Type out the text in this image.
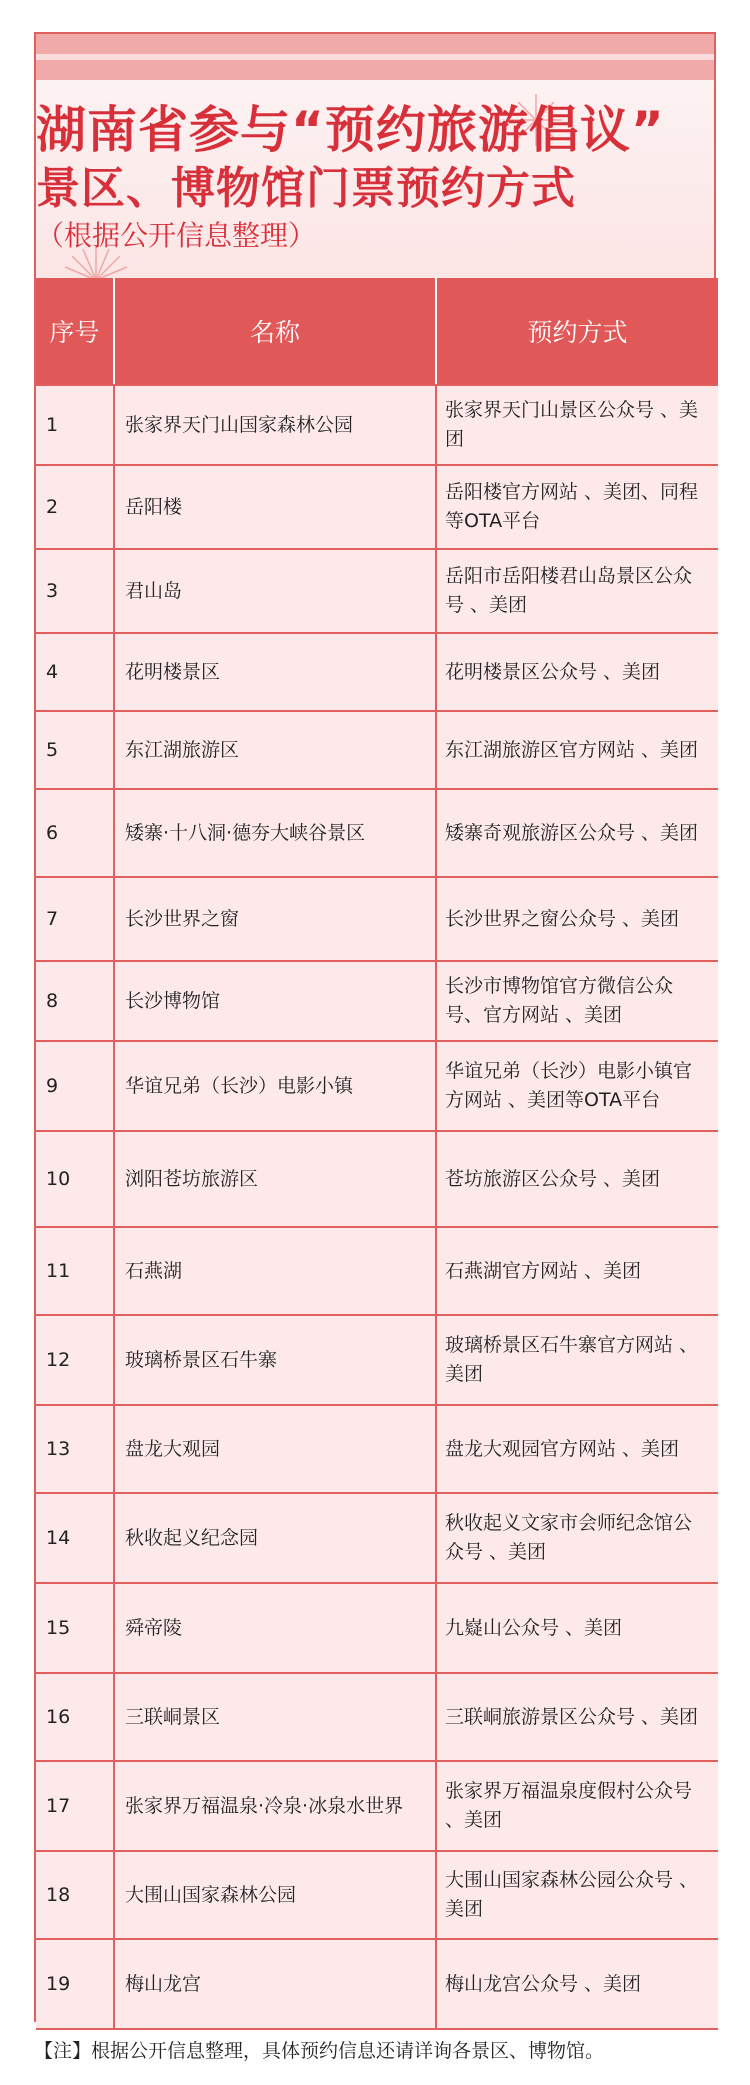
湖南省参与“预约旅游倡议”
景区、博物馆门票预约方式
（根据公开信息整理）
序号	名称	预约方式
1	张家界天门山国家森林公园	张家界天门山景区公众号 、美团
2	岳阳楼	岳阳楼官方网站 、美团、同程等OTA平台
3	君山岛	岳阳市岳阳楼君山岛景区公众号 、美团
4	花明楼景区	花明楼景区公众号 、美团
5	东江湖旅游区	东江湖旅游区官方网站 、美团
6	矮寨·十八洞·德夯大峡谷景区	矮寨奇观旅游区公众号 、美团
7	长沙世界之窗	长沙世界之窗公众号 、美团
8	长沙博物馆	长沙市博物馆官方微信公众号、官方网站 、美团
9	华谊兄弟（长沙）电影小镇	华谊兄弟（长沙）电影小镇官方网站 、美团等OTA平台
10	浏阳苍坊旅游区	苍坊旅游区公众号 、美团
11	石燕湖	石燕湖官方网站 、美团
12	玻璃桥景区石牛寨	玻璃桥景区石牛寨官方网站 、美团
13	盘龙大观园	盘龙大观园官方网站 、美团
14	秋收起义纪念园	秋收起义文家市会师纪念馆公众号 、美团
15	舜帝陵	九嶷山公众号 、美团
16	三联峒景区	三联峒旅游景区公众号 、美团
17	张家界万福温泉·冷泉·冰泉水世界	张家界万福温泉度假村公众号 、美团
18	大围山国家森林公园	大围山国家森林公园公众号 、美团
19	梅山龙宫	梅山龙宫公众号 、美团
【注】根据公开信息整理，具体预约信息还请详询各景区、博物馆。
